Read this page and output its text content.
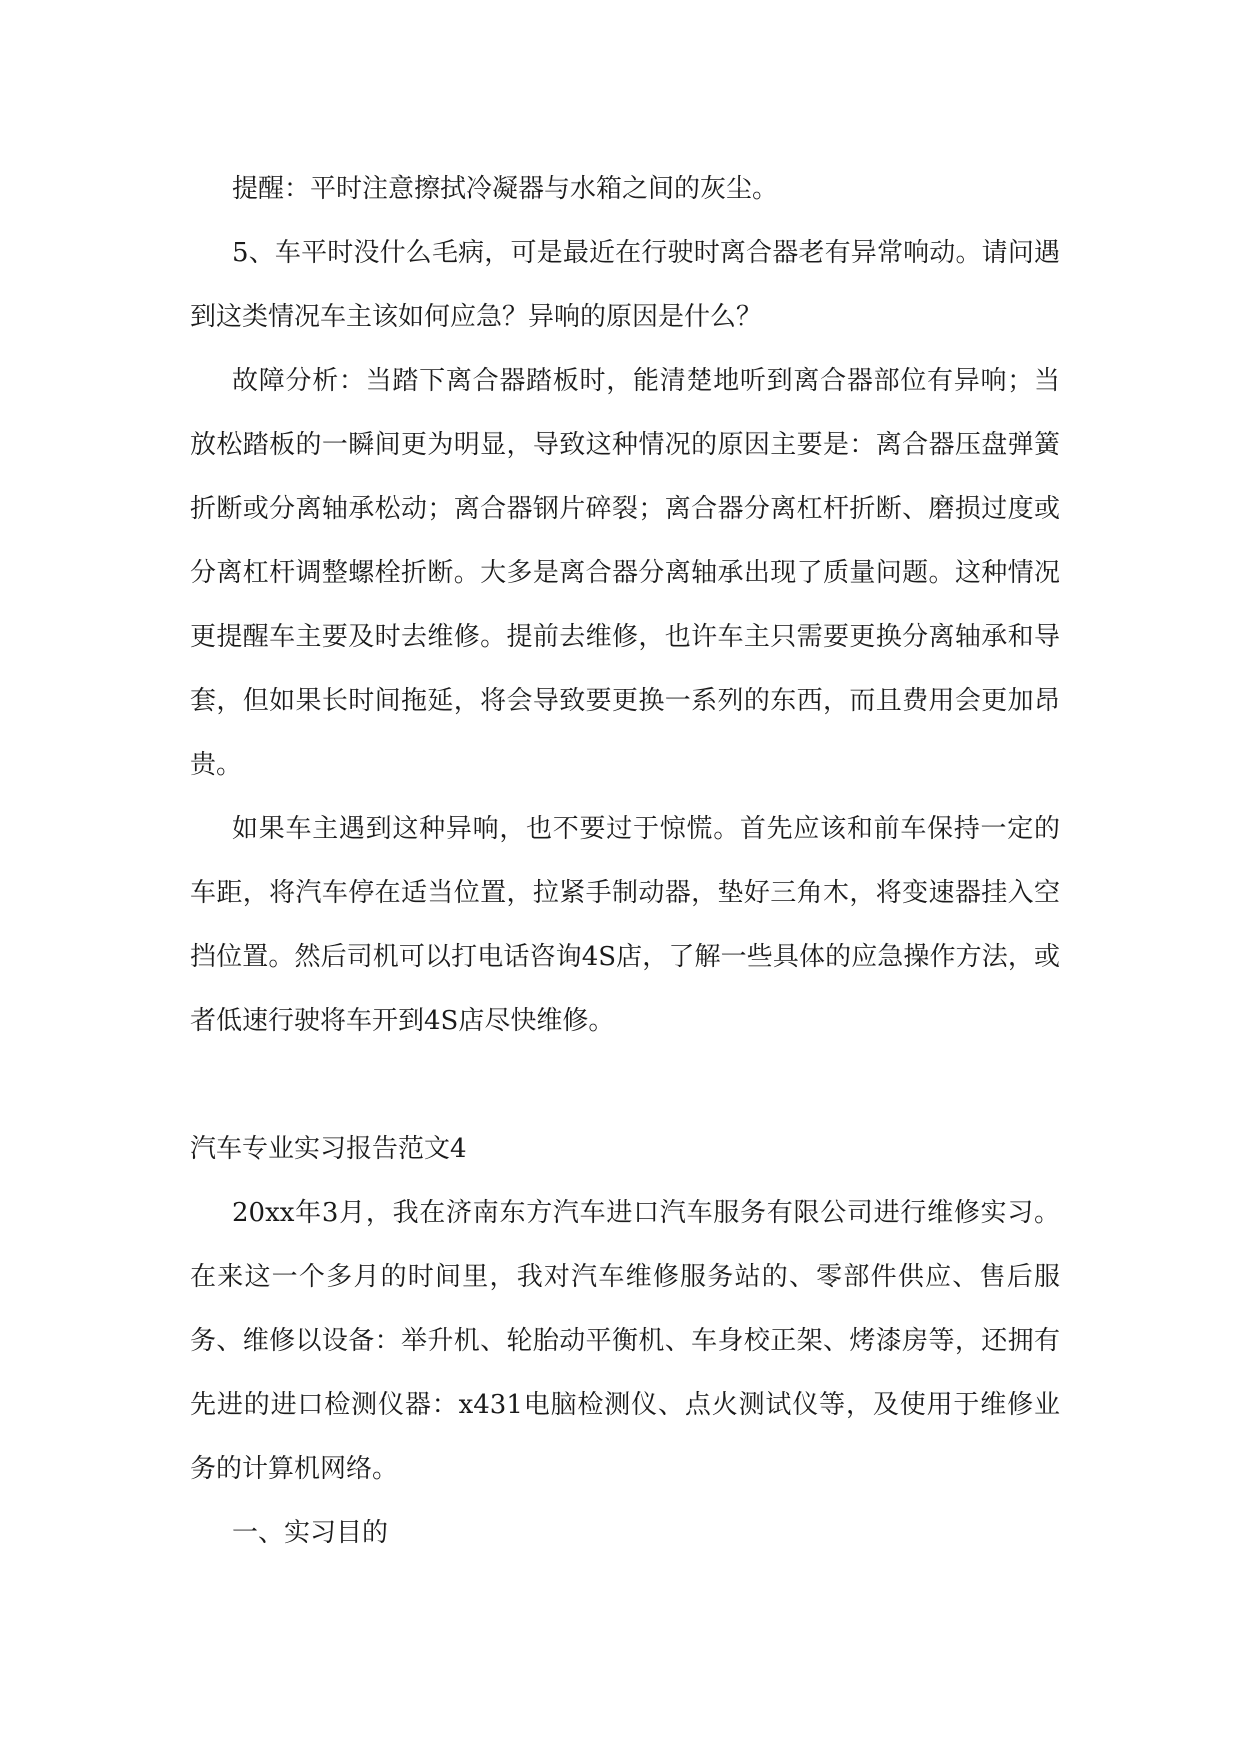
提醒：平时注意擦拭冷凝器与水箱之间的灰尘。

5、车平时没什么毛病，可是最近在行驶时离合器老有异常响动。请问遇到这类情况车主该如何应急？异响的原因是什么？

故障分析：当踏下离合器踏板时，能清楚地听到离合器部位有异响；当放松踏板的一瞬间更为明显，导致这种情况的原因主要是：离合器压盘弹簧折断或分离轴承松动；离合器钢片碎裂；离合器分离杠杆折断、磨损过度或分离杠杆调整螺栓折断。大多是离合器分离轴承出现了质量问题。这种情况更提醒车主要及时去维修。提前去维修，也许车主只需要更换分离轴承和导套，但如果长时间拖延，将会导致要更换一系列的东西，而且费用会更加昂贵。

如果车主遇到这种异响，也不要过于惊慌。首先应该和前车保持一定的车距，将汽车停在适当位置，拉紧手制动器，垫好三角木，将变速器挂入空挡位置。然后司机可以打电话咨询4S店，了解一些具体的应急操作方法，或者低速行驶将车开到4S店尽快维修。

汽车专业实习报告范文4

20xx年3月，我在济南东方汽车进口汽车服务有限公司进行维修实习。在来这一个多月的时间里，我对汽车维修服务站的、零部件供应、售后服务、维修以设备：举升机、轮胎动平衡机、车身校正架、烤漆房等，还拥有先进的进口检测仪器：x431电脑检测仪、点火测试仪等，及使用于维修业务的计算机网络。

一、实习目的
